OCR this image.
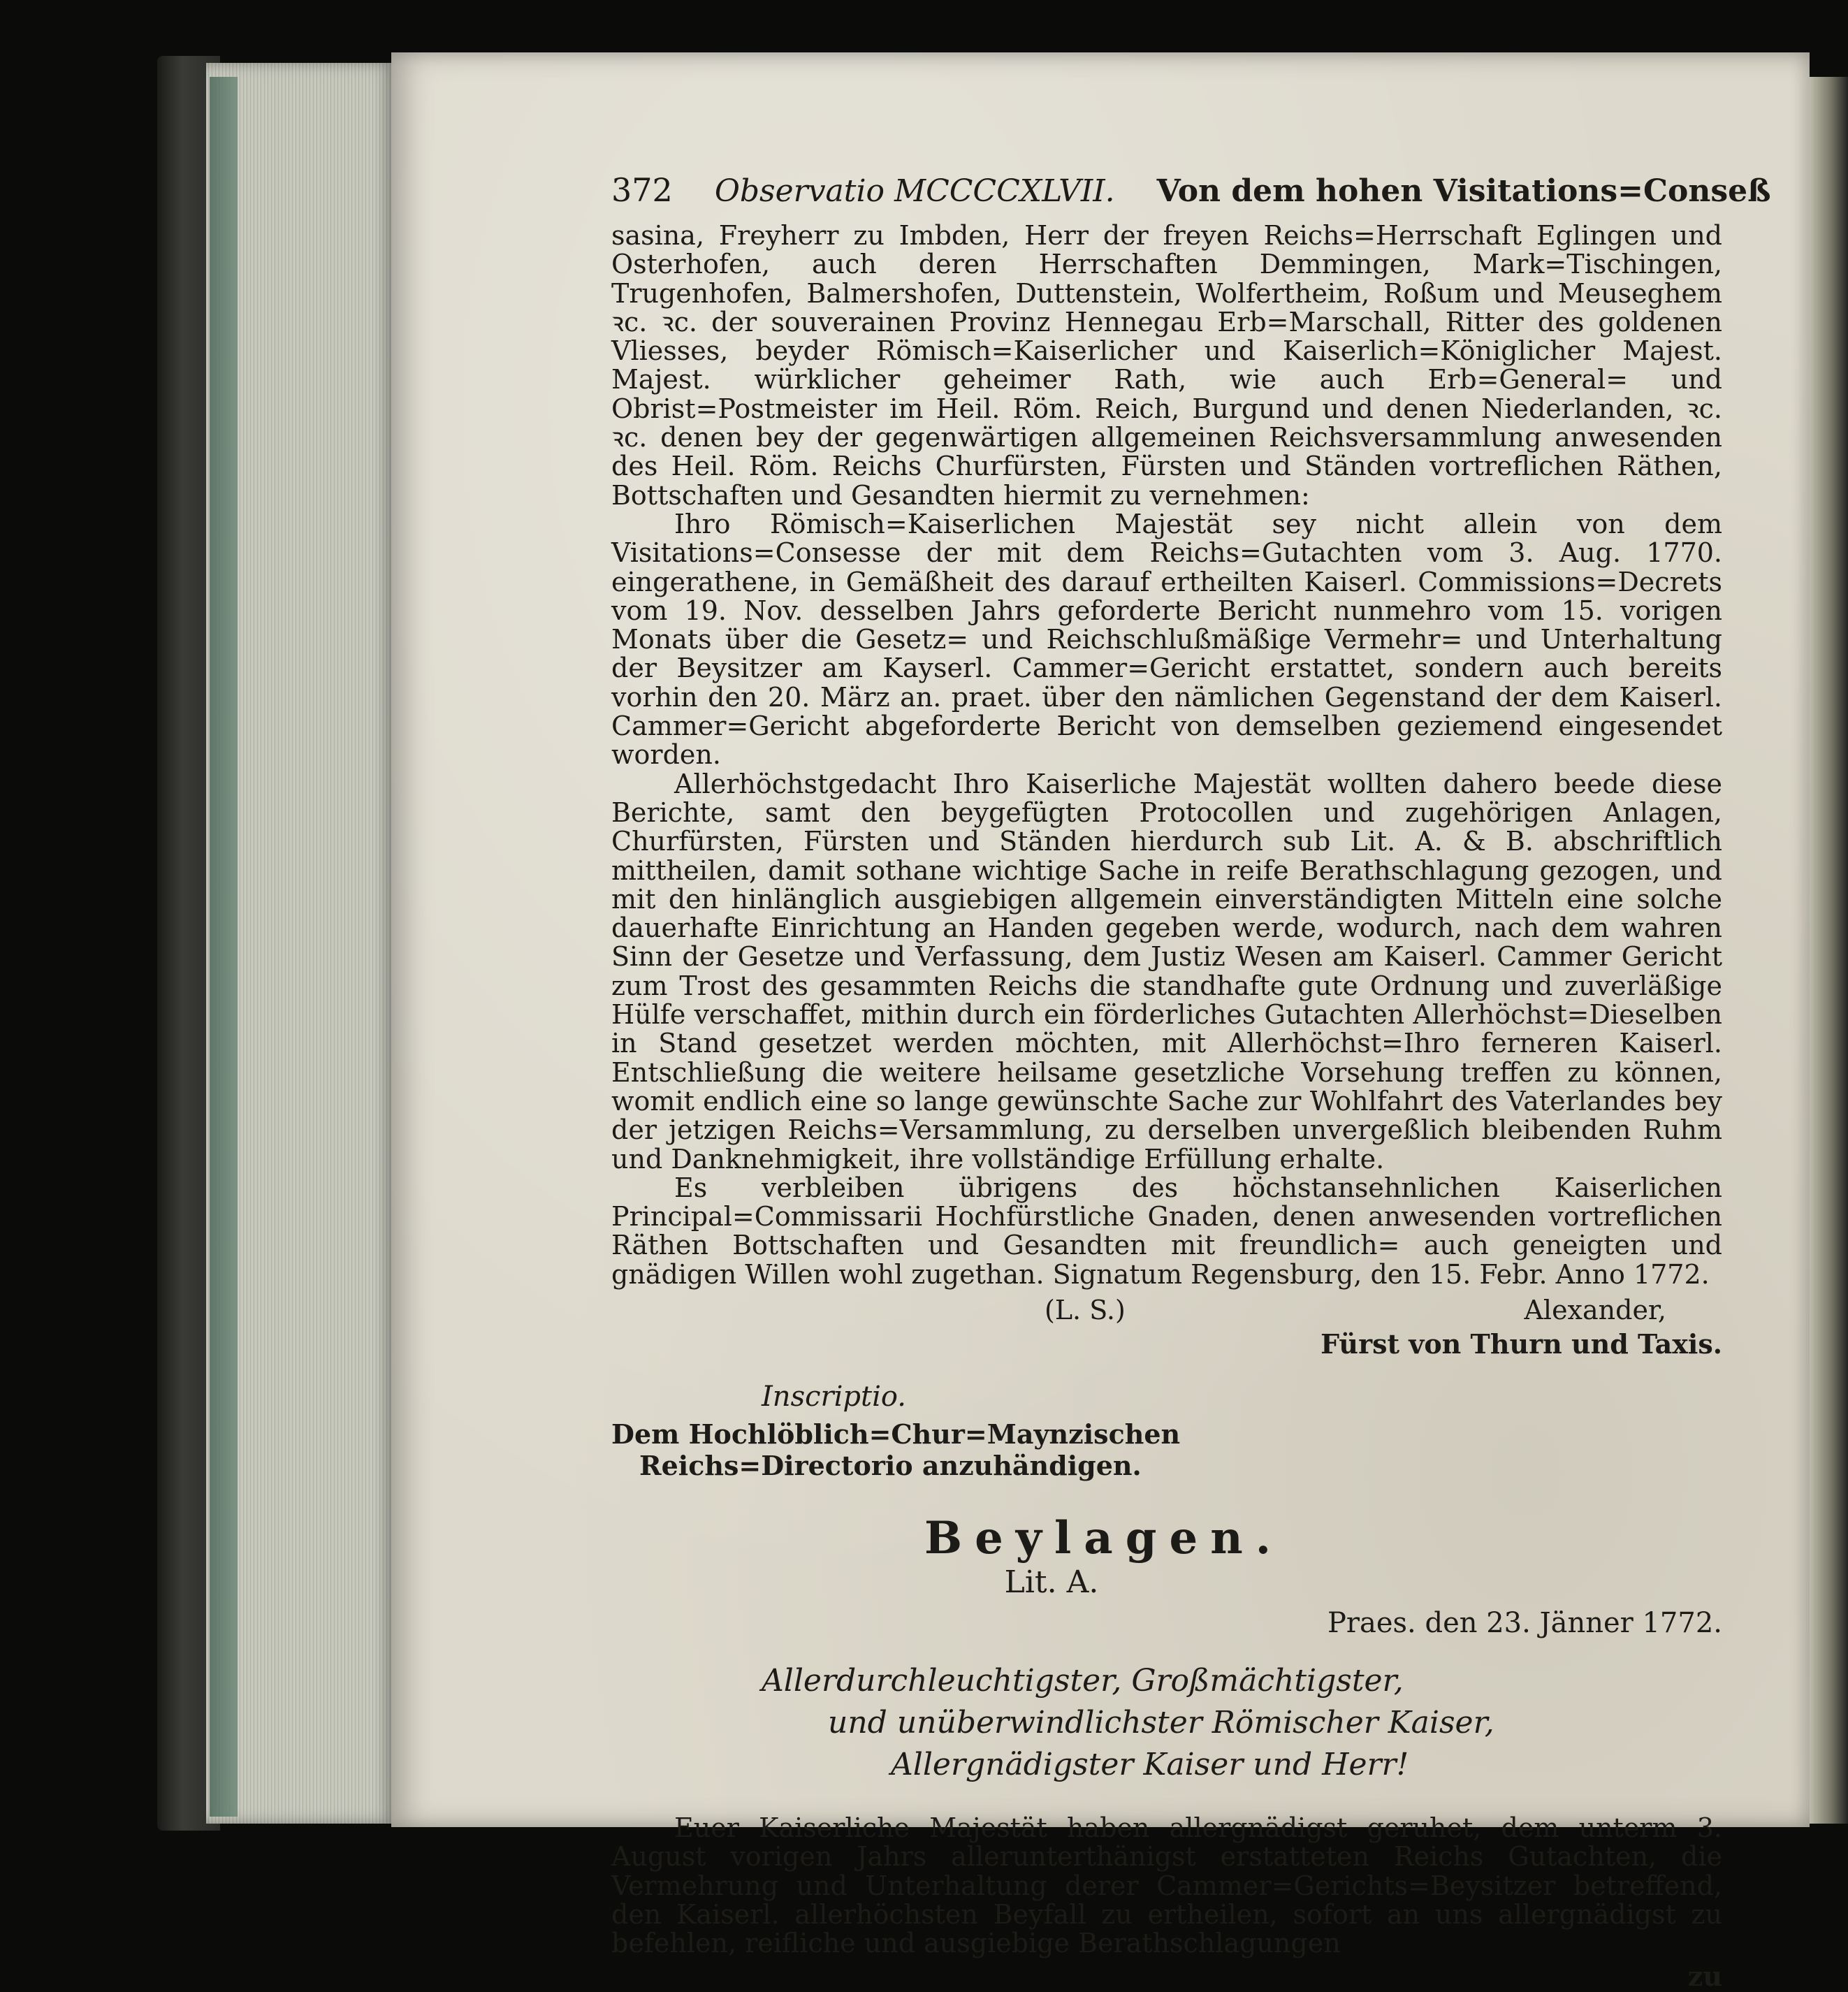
372 Observatio MCCCCXLVII. Von dem hohen Visitations=Conseß

sasina, Freyherr zu Imbden, Herr der freyen Reichs=Herrschaft Eglingen und Osterhofen, auch deren Herrschaften Demmingen, Mark=Tischingen, Trugenhofen, Balmershofen, Duttenstein, Wolfertheim, Roßum und Meuseghem ꝛc. ꝛc. der souverainen Provinz Hennegau Erb=Marschall, Ritter des goldenen Vliesses, beyder Römisch=Kaiserlicher und Kaiserlich=Königlicher Majest. Majest. würklicher geheimer Rath, wie auch Erb=General= und Obrist=Postmeister im Heil. Röm. Reich, Burgund und denen Niederlanden, ꝛc. ꝛc. denen bey der gegenwärtigen allgemeinen Reichsversammlung anwesenden des Heil. Röm. Reichs Churfürsten, Fürsten und Ständen vortreflichen Räthen, Bottschaften und Gesandten hiermit zu vernehmen:

Ihro Römisch=Kaiserlichen Majestät sey nicht allein von dem Visitations=Consesse der mit dem Reichs=Gutachten vom 3. Aug. 1770. eingerathene, in Gemäßheit des darauf ertheilten Kaiserl. Commissions=Decrets vom 19. Nov. desselben Jahrs geforderte Bericht nunmehro vom 15. vorigen Monats über die Gesetz= und Reichschlußmäßige Vermehr= und Unterhaltung der Beysitzer am Kayserl. Cammer=Gericht erstattet, sondern auch bereits vorhin den 20. März an. praet. über den nämlichen Gegenstand der dem Kaiserl. Cammer=Gericht abgeforderte Bericht von demselben geziemend eingesendet worden.

Allerhöchstgedacht Ihro Kaiserliche Majestät wollten dahero beede diese Berichte, samt den beygefügten Protocollen und zugehörigen Anlagen, Churfürsten, Fürsten und Ständen hierdurch sub Lit. A. & B. abschriftlich mittheilen, damit sothane wichtige Sache in reife Berathschlagung gezogen, und mit den hinlänglich ausgiebigen allgemein einverständigten Mitteln eine solche dauerhafte Einrichtung an Handen gegeben werde, wodurch, nach dem wahren Sinn der Gesetze und Verfassung, dem Justiz Wesen am Kaiserl. Cammer Gericht zum Trost des gesammten Reichs die standhafte gute Ordnung und zuverläßige Hülfe verschaffet, mithin durch ein förderliches Gutachten Allerhöchst=Dieselben in Stand gesetzet werden möchten, mit Allerhöchst=Ihro ferneren Kaiserl. Entschließung die weitere heilsame gesetzliche Vorsehung treffen zu können, womit endlich eine so lange gewünschte Sache zur Wohlfahrt des Vaterlandes bey der jetzigen Reichs=Versammlung, zu derselben unvergeßlich bleibenden Ruhm und Danknehmigkeit, ihre vollständige Erfüllung erhalte.

Es verbleiben übrigens des höchstansehnlichen Kaiserlichen Principal=Commissarii Hochfürstliche Gnaden, denen anwesenden vortreflichen Räthen Bottschaften und Gesandten mit freundlich= auch geneigten und gnädigen Willen wohl zugethan. Signatum Regensburg, den 15. Febr. Anno 1772.

(L. S.)	Alexander,
Fürst von Thurn und Taxis.
Inscriptio.
Dem Hochlöblich=Chur=Maynzischen
Reichs=Directorio anzuhändigen.
Beylagen.
Lit. A.
Praes. den 23. Jänner 1772.
Allerdurchleuchtigster, Großmächtigster,
und unüberwindlichster Römischer Kaiser,
Allergnädigster Kaiser und Herr!

Euer Kaiserliche Majestät haben allergnädigst geruhet, dem unterm 3. August vorigen Jahrs allerunterthänigst erstatteten Reichs Gutachten, die Vermehrung und Unterhaltung derer Cammer=Gerichts=Beysitzer betreffend, den Kaiserl. allerhöchsten Beyfall zu ertheilen, sofort an uns allergnädigst zu befehlen, reifliche und ausgiebige Berathschlagungen

zu
